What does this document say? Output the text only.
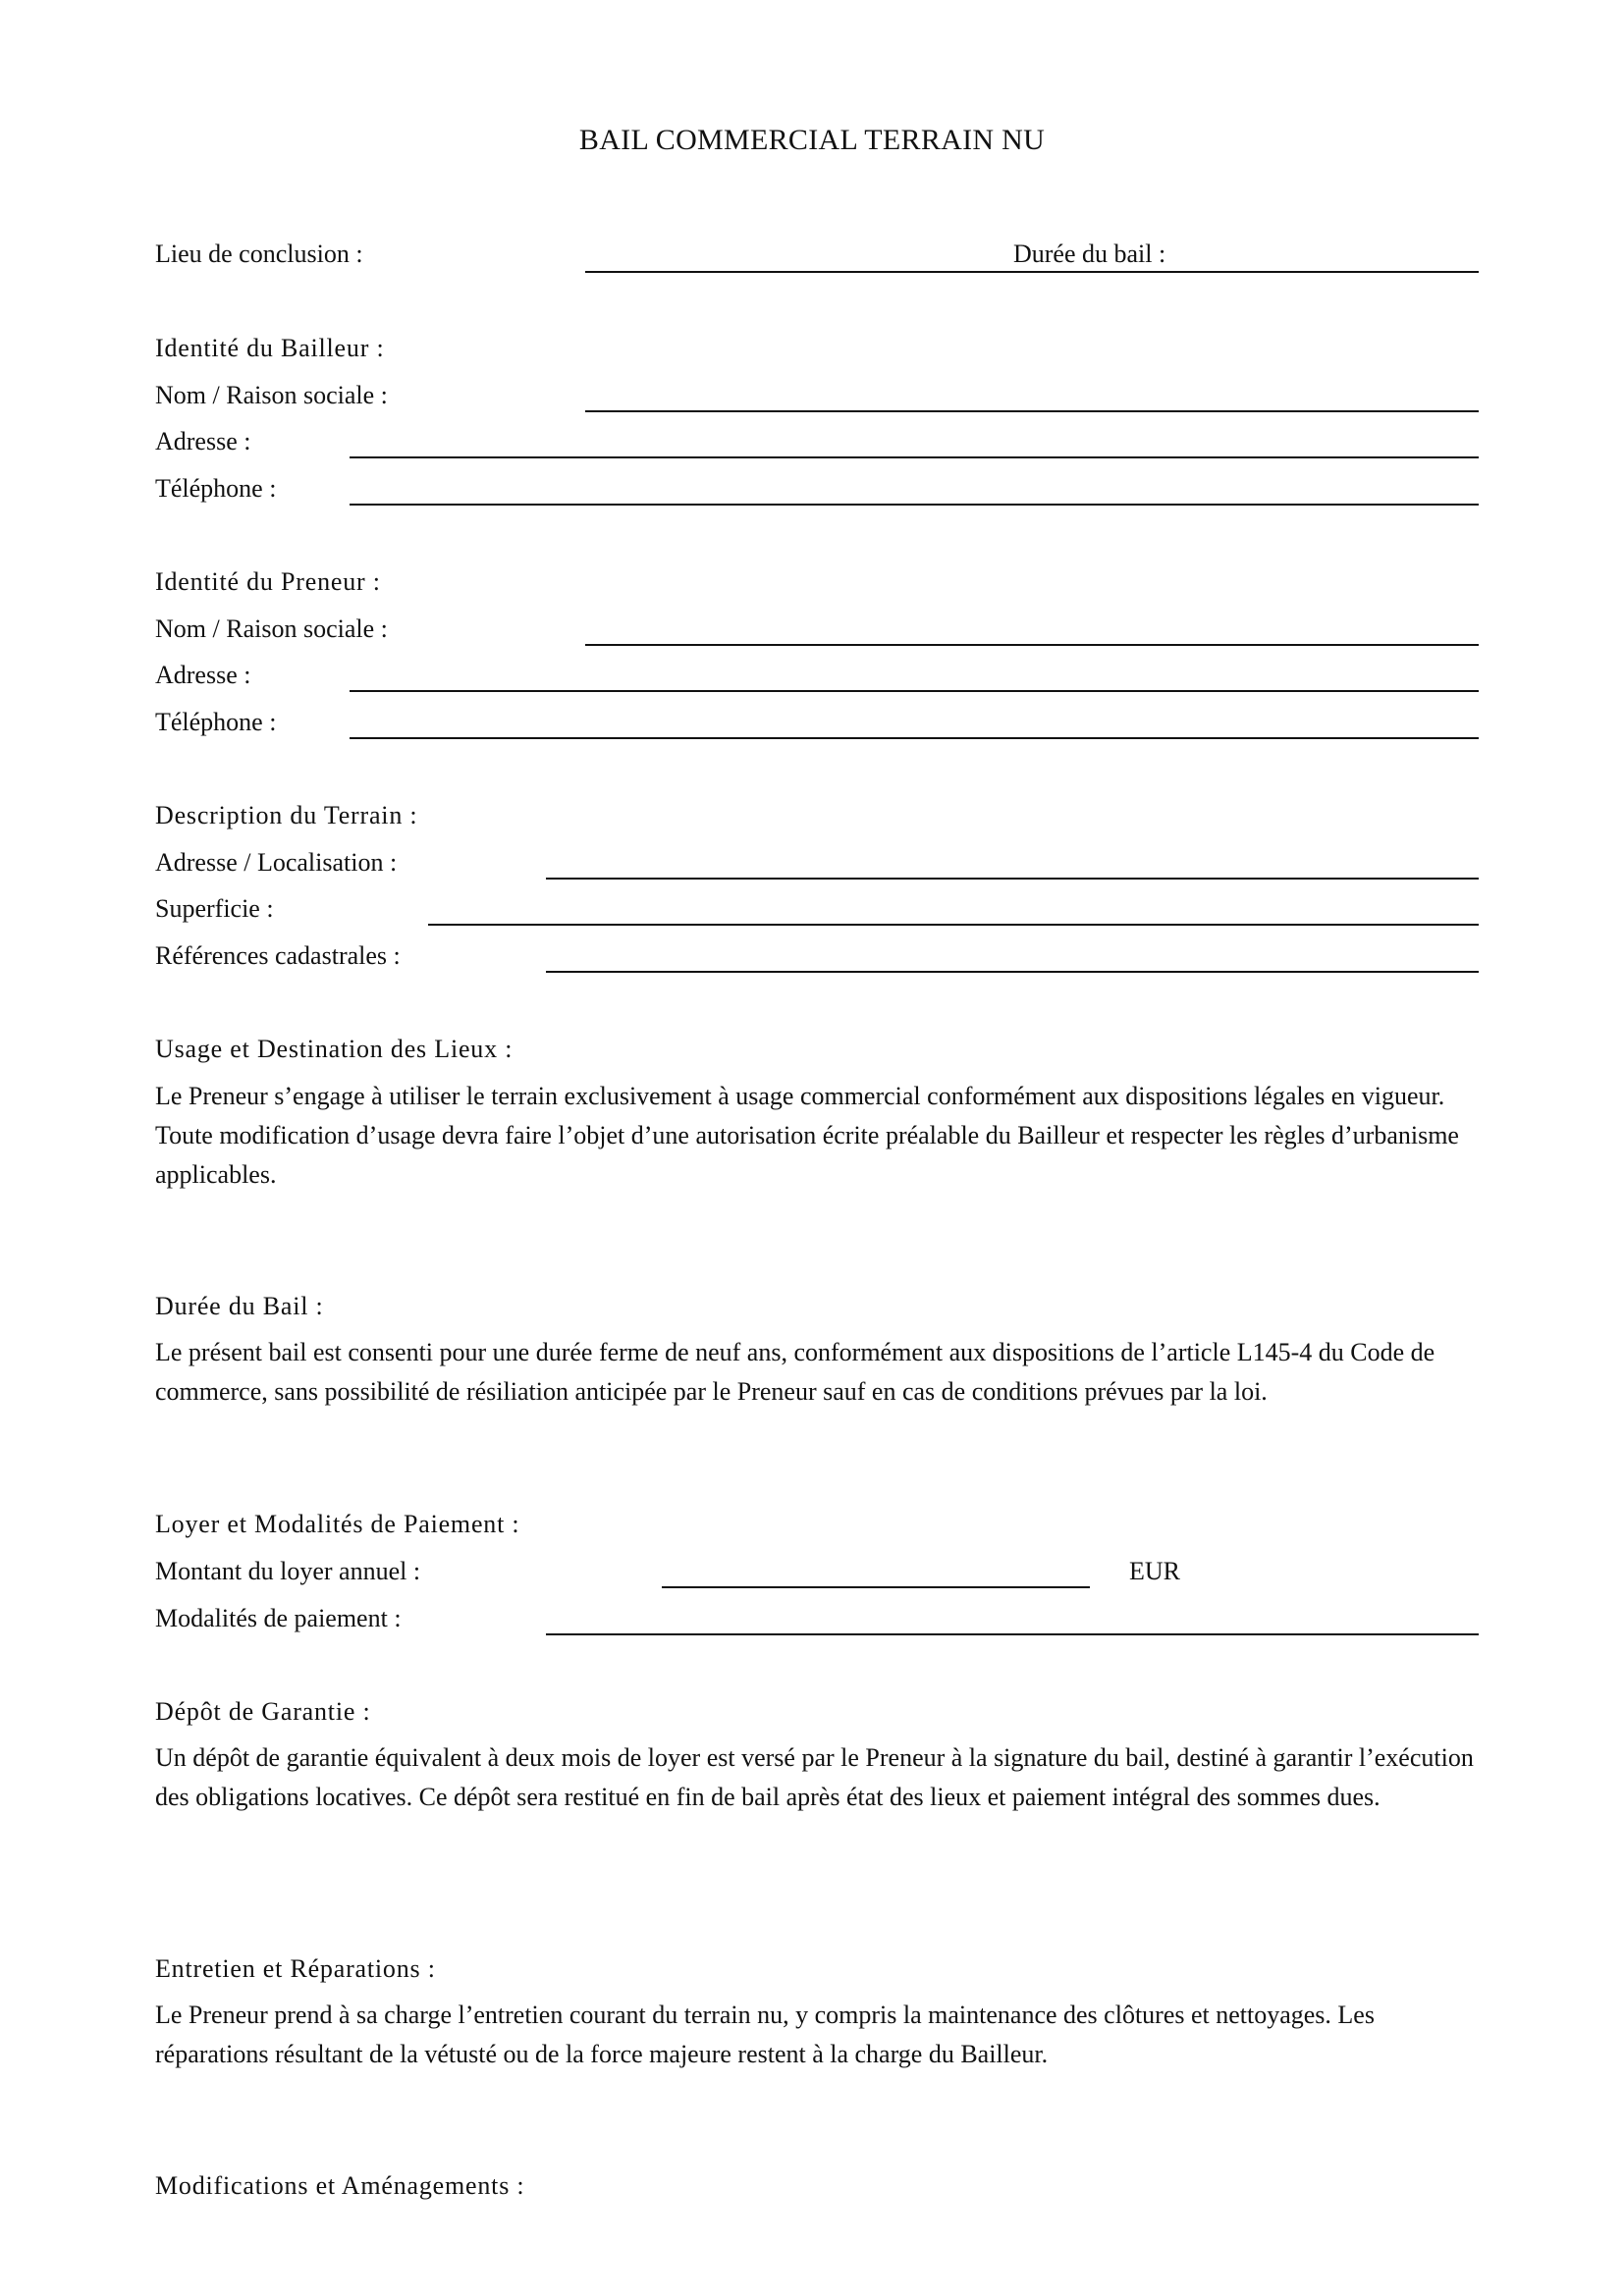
BAIL COMMERCIAL TERRAIN NU
Lieu de conclusion :	Durée du bail :
Identité du Bailleur :
Nom / Raison sociale :
Adresse :
Téléphone :
Identité du Preneur :
Nom / Raison sociale :
Adresse :
Téléphone :
Description du Terrain :
Adresse / Localisation :
Superficie :
Références cadastrales :
Usage et Destination des Lieux :
Le Preneur s’engage à utiliser le terrain exclusivement à usage commercial conformément aux dispositions légales en vigueur. Toute modification d’usage devra faire l’objet d’une autorisation écrite préalable du Bailleur et respecter les règles d’urbanisme applicables.
Durée du Bail :
Le présent bail est consenti pour une durée ferme de neuf ans, conformément aux dispositions de l’article L145-4 du Code de commerce, sans possibilité de résiliation anticipée par le Preneur sauf en cas de conditions prévues par la loi.
Loyer et Modalités de Paiement :
Montant du loyer annuel :	EUR
Modalités de paiement :
Dépôt de Garantie :
Un dépôt de garantie équivalent à deux mois de loyer est versé par le Preneur à la signature du bail, destiné à garantir l’exécution des obligations locatives. Ce dépôt sera restitué en fin de bail après état des lieux et paiement intégral des sommes dues.
Entretien et Réparations :
Le Preneur prend à sa charge l’entretien courant du terrain nu, y compris la maintenance des clôtures et nettoyages. Les réparations résultant de la vétusté ou de la force majeure restent à la charge du Bailleur.
Modifications et Aménagements :
